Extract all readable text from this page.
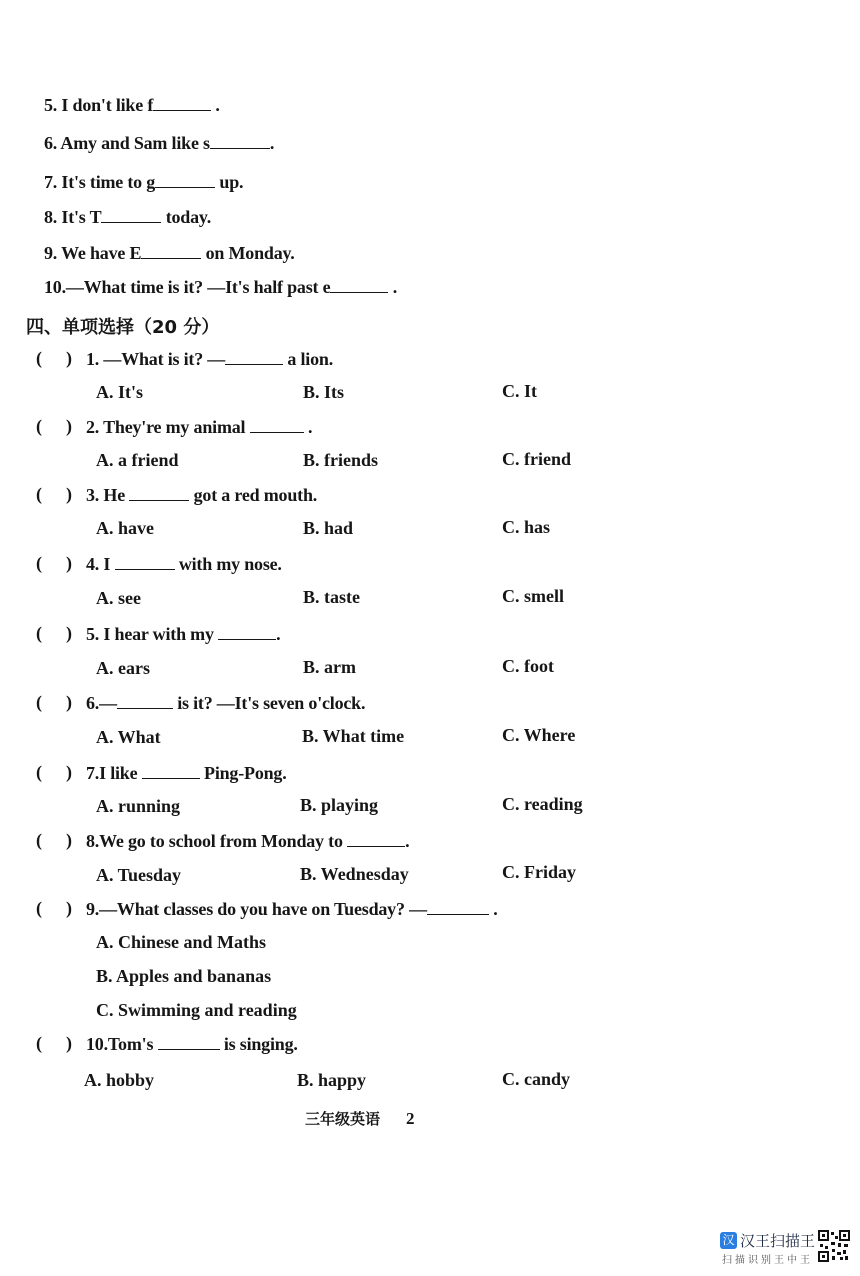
5. I don't like f	.
6. Amy and Sam like s	.
7. It's time to g	up.
8. It's T	today.
9. We have E	on Monday.
10.—What time is it? —It's half past e	.
四、单项选择（20 分）
( ) 1. —What is it? —	a lion.
A. It's	B. Its	C. It
( ) 2. They're my animal	.
A. a friend	B. friends	C. friend
( ) 3. He	got a red mouth.
A. have	B. had	C. has
( ) 4. I	with my nose.
A. see	B. taste	C. smell
( ) 5. I hear with my	.
A. ears	B. arm	C. foot
( ) 6.—	is it? —It's seven o'clock.
A. What	B. What time	C. Where
( ) 7.I like	Ping-Pong.
A. running	B. playing	C. reading
( ) 8.We go to school from Monday to	.
A. Tuesday	B. Wednesday	C. Friday
( ) 9.—What classes do you have on Tuesday? —	.
A. Chinese and Maths
B. Apples and bananas
C. Swimming and reading
( ) 10.Tom's	is singing.
A. hobby	B. happy	C. candy
三年级英语 2
汉 汉王扫描王
扫描识别王中王
